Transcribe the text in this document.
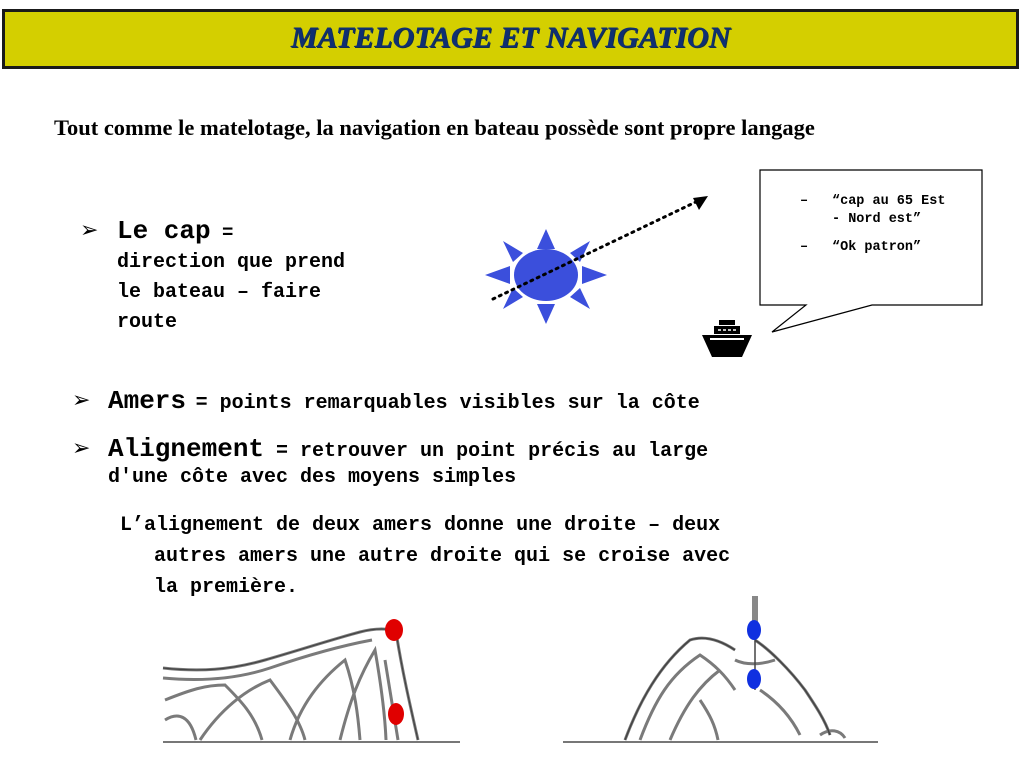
MATELOTAGE ET NAVIGATION
Tout comme le matelotage, la navigation en bateau possède sont propre langage
➢ Le cap =
direction que prend
le bateau – faire
route
➢ Amers = points remarquables visibles sur la côte
➢ Alignement = retrouver un point précis au large
d'une côte avec des moyens simples
L’alignement de deux amers donne une droite – deux
autres amers une autre droite qui se croise avec
la première.
– “cap au 65 Est - Nord est”
– “Ok patron”
